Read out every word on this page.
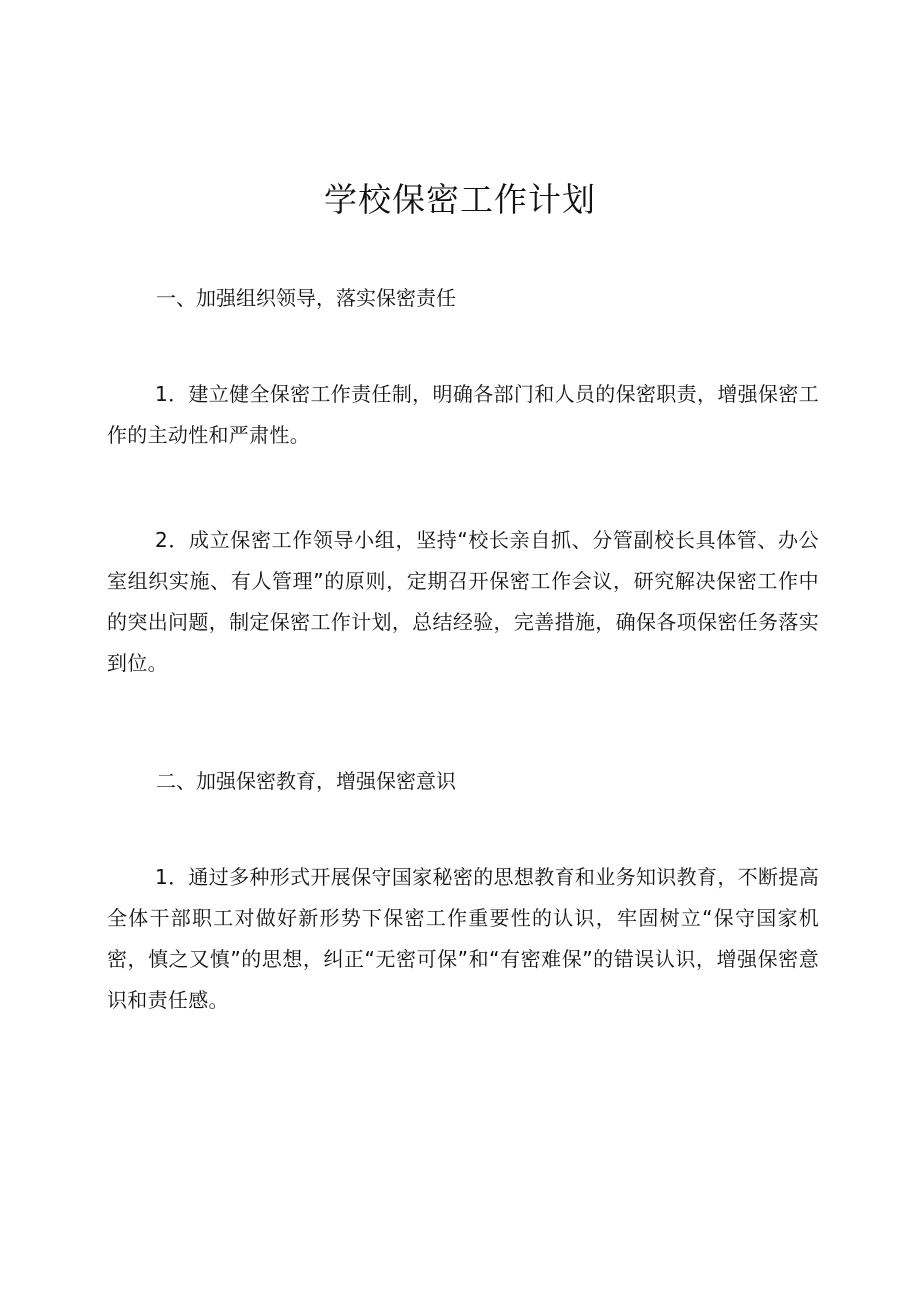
学校保密工作计划

一、加强组织领导，落实保密责任

1．建立健全保密工作责任制，明确各部门和人员的保密职责，增强保密工作的主动性和严肃性。

2．成立保密工作领导小组，坚持“校长亲自抓、分管副校长具体管、办公室组织实施、有人管理”的原则，定期召开保密工作会议，研究解决保密工作中的突出问题，制定保密工作计划，总结经验，完善措施，确保各项保密任务落实到位。

二、加强保密教育，增强保密意识

1．通过多种形式开展保守国家秘密的思想教育和业务知识教育，不断提高全体干部职工对做好新形势下保密工作重要性的认识，牢固树立“保守国家机密，慎之又慎”的思想，纠正“无密可保”和“有密难保”的错误认识，增强保密意识和责任感。
